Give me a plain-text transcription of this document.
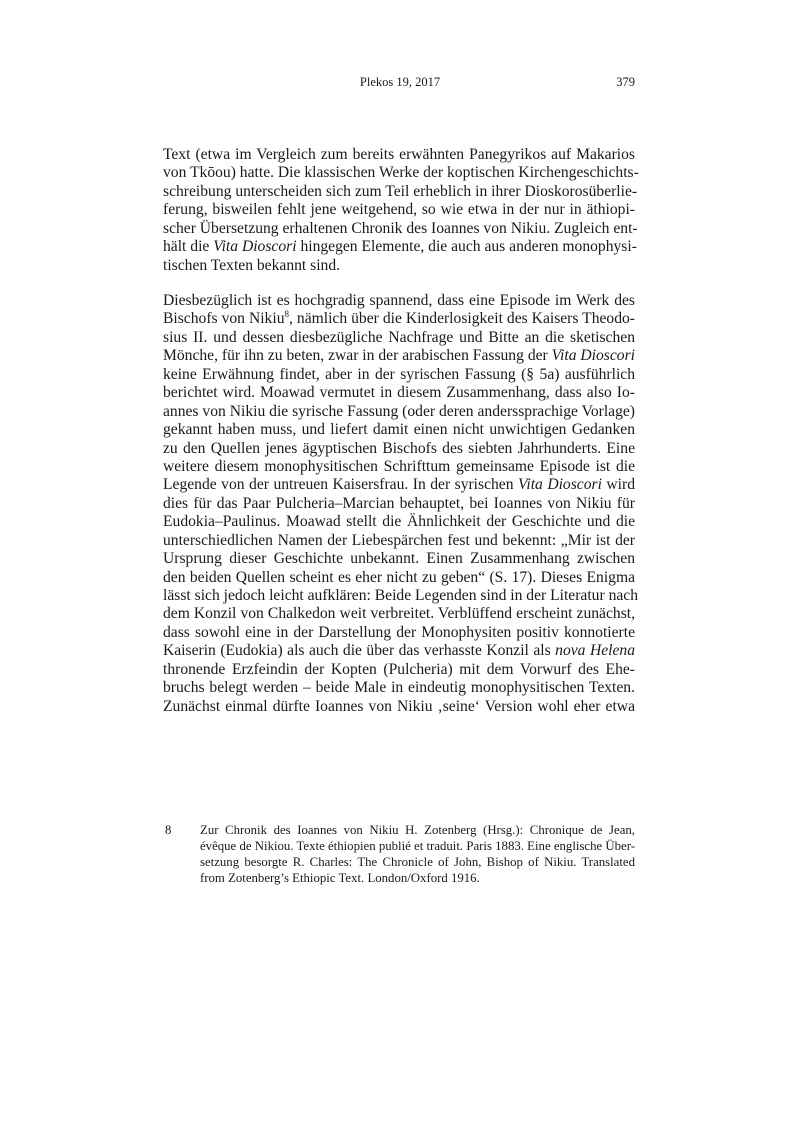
Plekos 19, 2017	379
Text (etwa im Vergleich zum bereits erwähnten Panegyrikos auf Makarios
von Tkōou) hatte. Die klassischen Werke der koptischen Kirchengeschichts-
schreibung unterscheiden sich zum Teil erheblich in ihrer Dioskorosüberlie-
ferung, bisweilen fehlt jene weitgehend, so wie etwa in der nur in äthiopi-
scher Übersetzung erhaltenen Chronik des Ioannes von Nikiu. Zugleich ent-
hält die Vita Dioscori hingegen Elemente, die auch aus anderen monophysi-
tischen Texten bekannt sind.
Diesbezüglich ist es hochgradig spannend, dass eine Episode im Werk des
Bischofs von Nikiu$^8$, nämlich über die Kinderlosigkeit des Kaisers Theodo-
sius II. und dessen diesbezügliche Nachfrage und Bitte an die sketischen
Mönche, für ihn zu beten, zwar in der arabischen Fassung der Vita Dioscori
keine Erwähnung findet, aber in der syrischen Fassung (§ 5a) ausführlich
berichtet wird. Moawad vermutet in diesem Zusammenhang, dass also Io-
annes von Nikiu die syrische Fassung (oder deren anderssprachige Vorlage)
gekannt haben muss, und liefert damit einen nicht unwichtigen Gedanken
zu den Quellen jenes ägyptischen Bischofs des siebten Jahrhunderts. Eine
weitere diesem monophysitischen Schrifttum gemeinsame Episode ist die
Legende von der untreuen Kaisersfrau. In der syrischen Vita Dioscori wird
dies für das Paar Pulcheria–Marcian behauptet, bei Ioannes von Nikiu für
Eudokia–Paulinus. Moawad stellt die Ähnlichkeit der Geschichte und die
unterschiedlichen Namen der Liebespärchen fest und bekennt: „Mir ist der
Ursprung dieser Geschichte unbekannt. Einen Zusammenhang zwischen
den beiden Quellen scheint es eher nicht zu geben“ (S. 17). Dieses Enigma
lässt sich jedoch leicht aufklären: Beide Legenden sind in der Literatur nach
dem Konzil von Chalkedon weit verbreitet. Verblüffend erscheint zunächst,
dass sowohl eine in der Darstellung der Monophysiten positiv konnotierte
Kaiserin (Eudokia) als auch die über das verhasste Konzil als nova Helena
thronende Erzfeindin der Kopten (Pulcheria) mit dem Vorwurf des Ehe-
bruchs belegt werden – beide Male in eindeutig monophysitischen Texten.
Zunächst einmal dürfte Ioannes von Nikiu ‚seine‘ Version wohl eher etwa
8 Zur Chronik des Ioannes von Nikiu H. Zotenberg (Hrsg.): Chronique de Jean,
évêque de Nikiou. Texte éthiopien publié et traduit. Paris 1883. Eine englische Über-
setzung besorgte R. Charles: The Chronicle of John, Bishop of Nikiu. Translated
from Zotenberg’s Ethiopic Text. London/Oxford 1916.
